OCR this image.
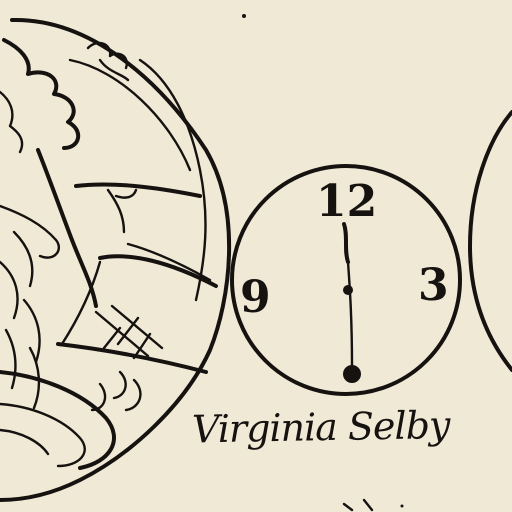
12
3
9
Virginia Selby
